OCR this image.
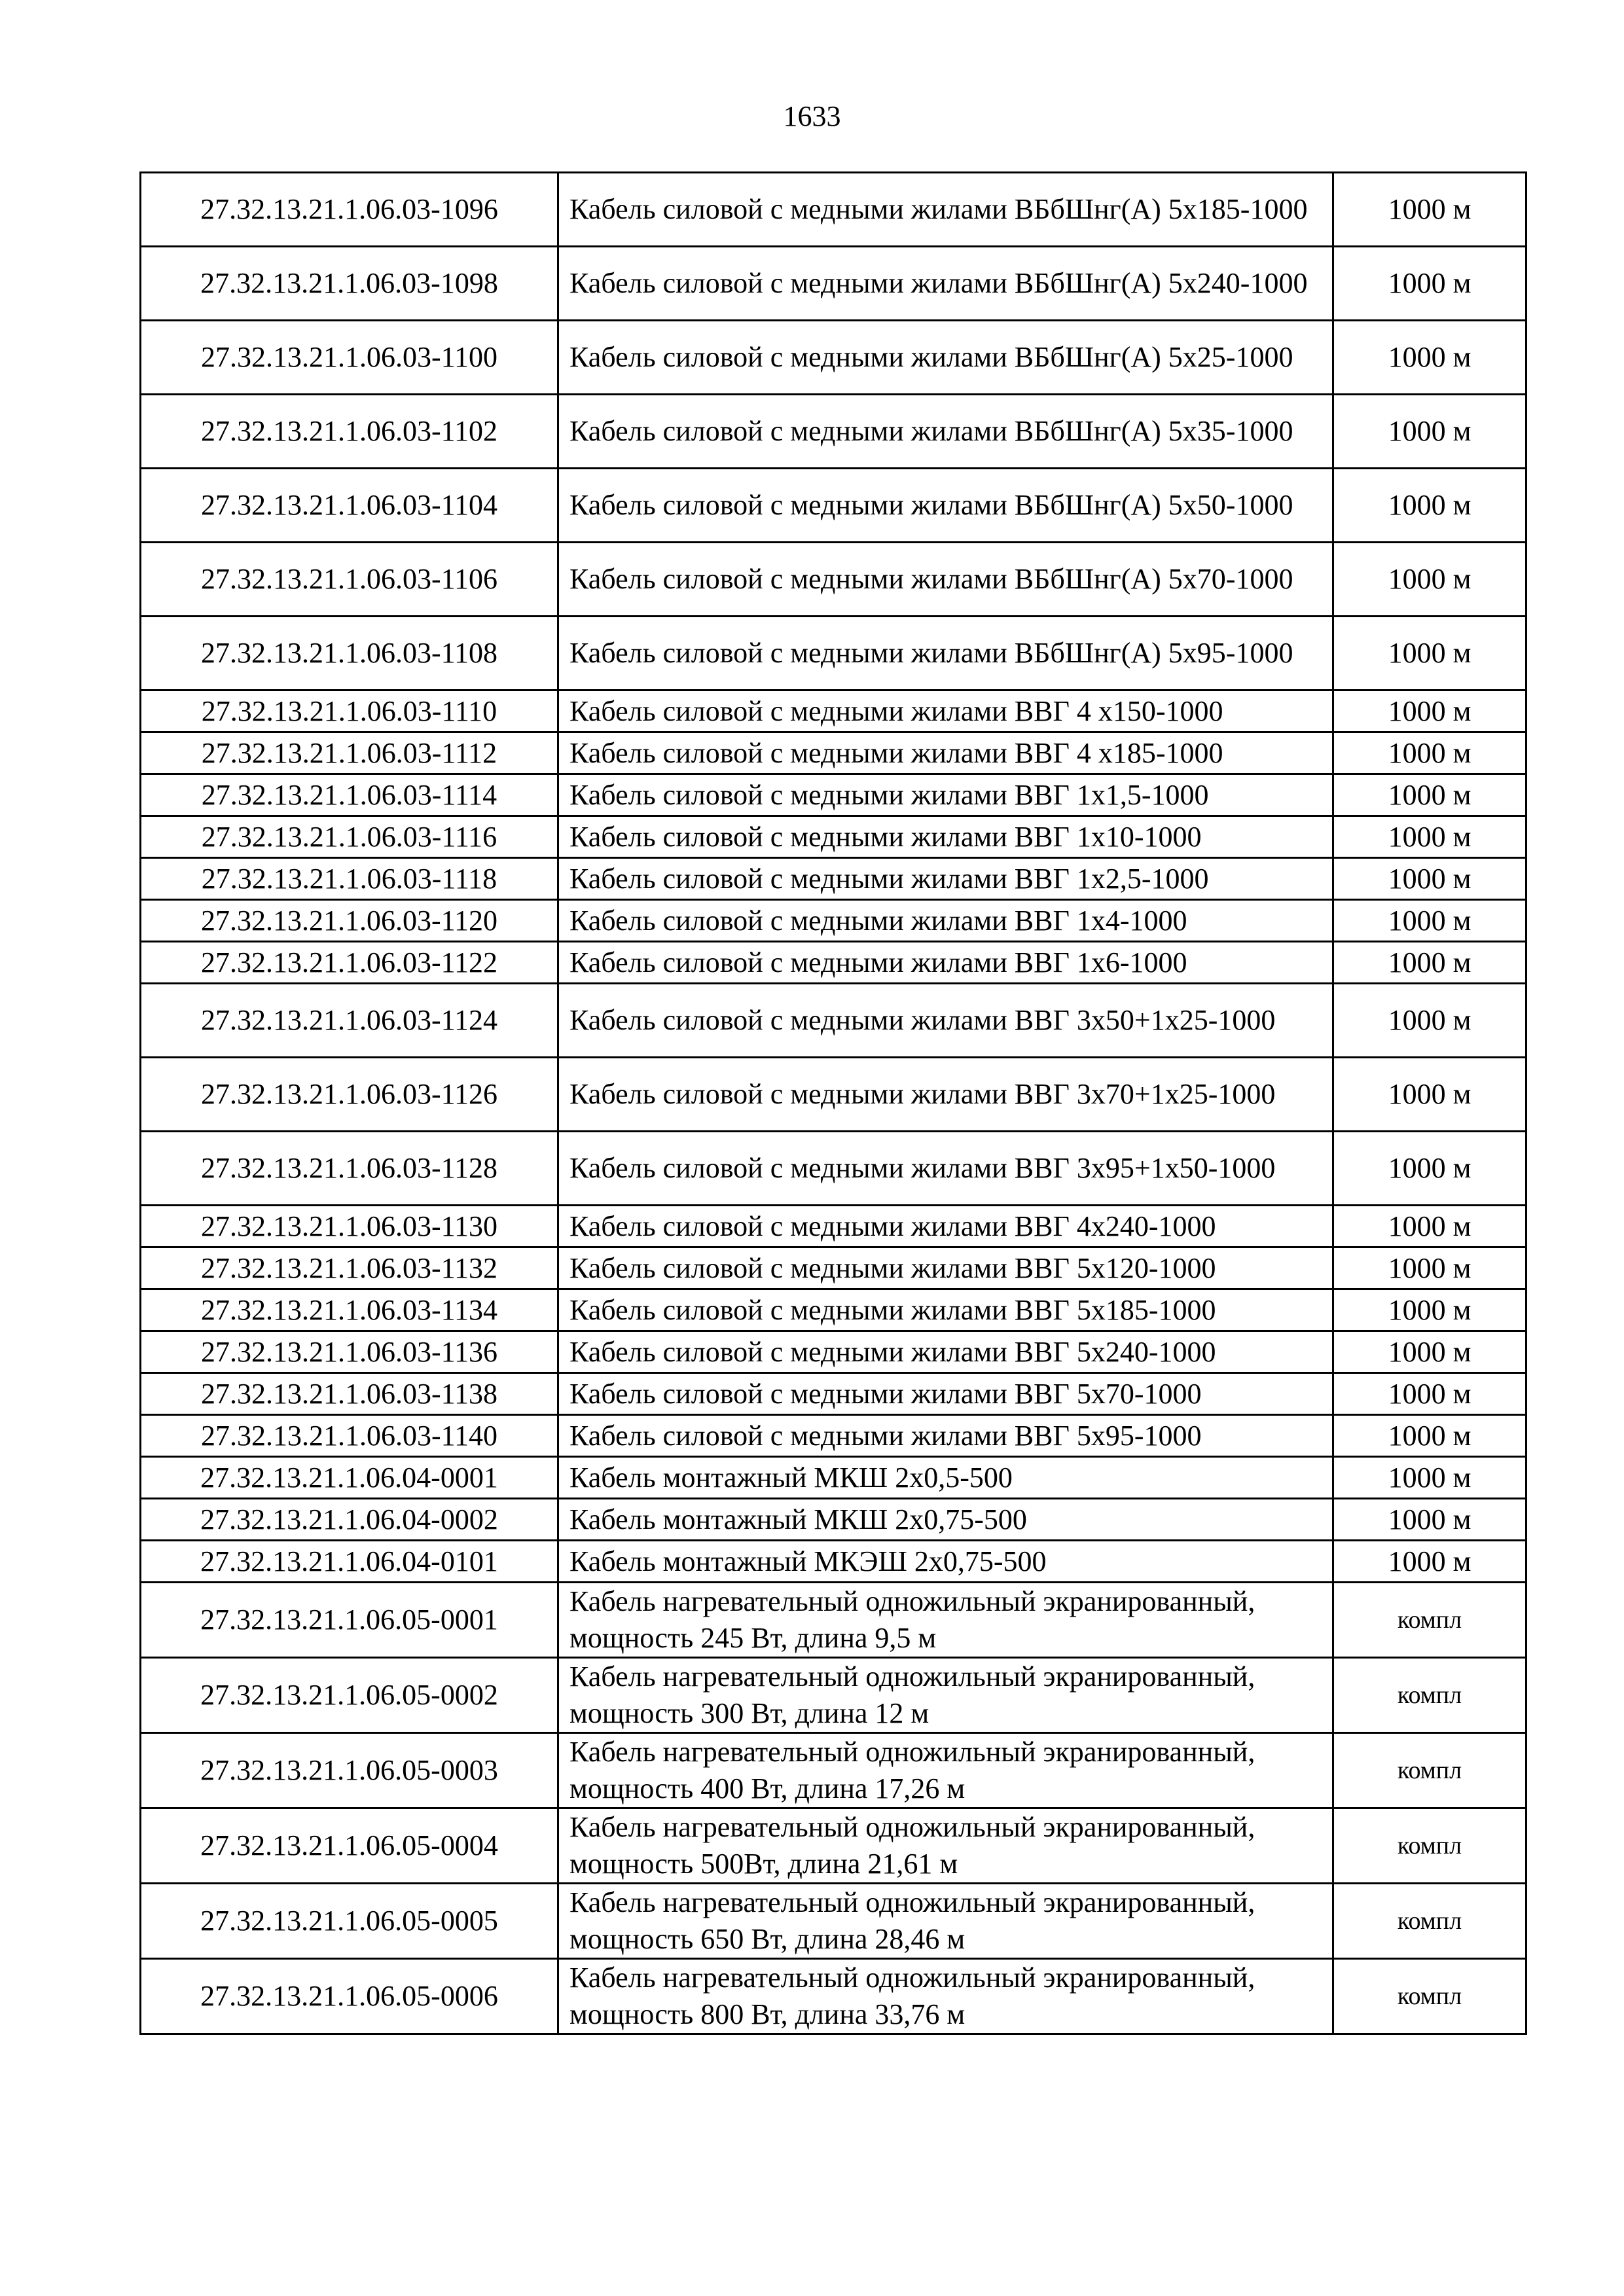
1633
27.32.13.21.1.06.03-1096	Кабель силовой с медными жилами ВБбШнг(А) 5х185-1000	1000 м
27.32.13.21.1.06.03-1098	Кабель силовой с медными жилами ВБбШнг(А) 5х240-1000	1000 м
27.32.13.21.1.06.03-1100	Кабель силовой с медными жилами ВБбШнг(А) 5х25-1000	1000 м
27.32.13.21.1.06.03-1102	Кабель силовой с медными жилами ВБбШнг(А) 5х35-1000	1000 м
27.32.13.21.1.06.03-1104	Кабель силовой с медными жилами ВБбШнг(А) 5х50-1000	1000 м
27.32.13.21.1.06.03-1106	Кабель силовой с медными жилами ВБбШнг(А) 5х70-1000	1000 м
27.32.13.21.1.06.03-1108	Кабель силовой с медными жилами ВБбШнг(А) 5х95-1000	1000 м
27.32.13.21.1.06.03-1110	Кабель силовой с медными жилами ВВГ 4 х150-1000	1000 м
27.32.13.21.1.06.03-1112	Кабель силовой с медными жилами ВВГ 4 х185-1000	1000 м
27.32.13.21.1.06.03-1114	Кабель силовой с медными жилами ВВГ 1х1,5-1000	1000 м
27.32.13.21.1.06.03-1116	Кабель силовой с медными жилами ВВГ 1х10-1000	1000 м
27.32.13.21.1.06.03-1118	Кабель силовой с медными жилами ВВГ 1х2,5-1000	1000 м
27.32.13.21.1.06.03-1120	Кабель силовой с медными жилами ВВГ 1х4-1000	1000 м
27.32.13.21.1.06.03-1122	Кабель силовой с медными жилами ВВГ 1х6-1000	1000 м
27.32.13.21.1.06.03-1124	Кабель силовой с медными жилами ВВГ 3х50+1х25-1000	1000 м
27.32.13.21.1.06.03-1126	Кабель силовой с медными жилами ВВГ 3х70+1х25-1000	1000 м
27.32.13.21.1.06.03-1128	Кабель силовой с медными жилами ВВГ 3х95+1х50-1000	1000 м
27.32.13.21.1.06.03-1130	Кабель силовой с медными жилами ВВГ 4х240-1000	1000 м
27.32.13.21.1.06.03-1132	Кабель силовой с медными жилами ВВГ 5х120-1000	1000 м
27.32.13.21.1.06.03-1134	Кабель силовой с медными жилами ВВГ 5х185-1000	1000 м
27.32.13.21.1.06.03-1136	Кабель силовой с медными жилами ВВГ 5х240-1000	1000 м
27.32.13.21.1.06.03-1138	Кабель силовой с медными жилами ВВГ 5х70-1000	1000 м
27.32.13.21.1.06.03-1140	Кабель силовой с медными жилами ВВГ 5х95-1000	1000 м
27.32.13.21.1.06.04-0001	Кабель монтажный МКШ 2х0,5-500	1000 м
27.32.13.21.1.06.04-0002	Кабель монтажный МКШ 2х0,75-500	1000 м
27.32.13.21.1.06.04-0101	Кабель монтажный МКЭШ 2х0,75-500	1000 м
27.32.13.21.1.06.05-0001	Кабель нагревательный одножильный экранированный, мощность 245 Вт, длина 9,5 м	компл
27.32.13.21.1.06.05-0002	Кабель нагревательный одножильный экранированный, мощность 300 Вт, длина 12 м	компл
27.32.13.21.1.06.05-0003	Кабель нагревательный одножильный экранированный, мощность 400 Вт, длина 17,26 м	компл
27.32.13.21.1.06.05-0004	Кабель нагревательный одножильный экранированный, мощность 500Вт, длина 21,61 м	компл
27.32.13.21.1.06.05-0005	Кабель нагревательный одножильный экранированный, мощность 650 Вт, длина 28,46 м	компл
27.32.13.21.1.06.05-0006	Кабель нагревательный одножильный экранированный, мощность 800 Вт, длина 33,76 м	компл
